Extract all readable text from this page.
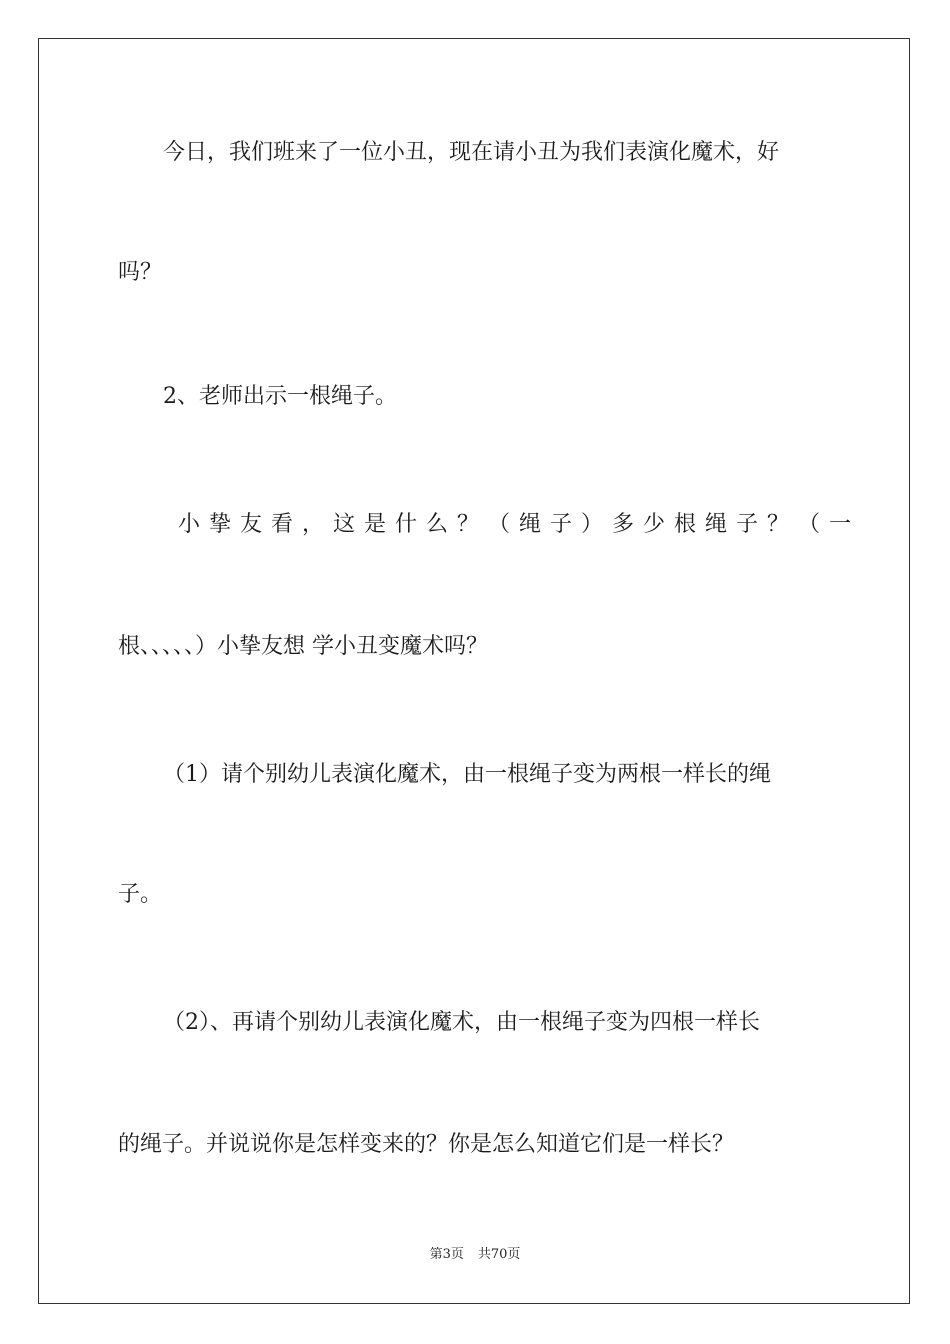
今日，我们班来了一位小丑，现在请小丑为我们表演化魔术，好

吗？

2、老师出示一根绳子。

小挚友看，这是什么？（绳子）多少根绳子？（一

根、、、、、）小挚友想 学小丑变魔术吗？

（1）请个别幼儿表演化魔术，由一根绳子变为两根一样长的绳

子。

（2）、再请个别幼儿表演化魔术，由一根绳子变为四根一样长

的绳子。并说说你是怎样变来的？你是怎么知道它们是一样长？

第3页 共70页
